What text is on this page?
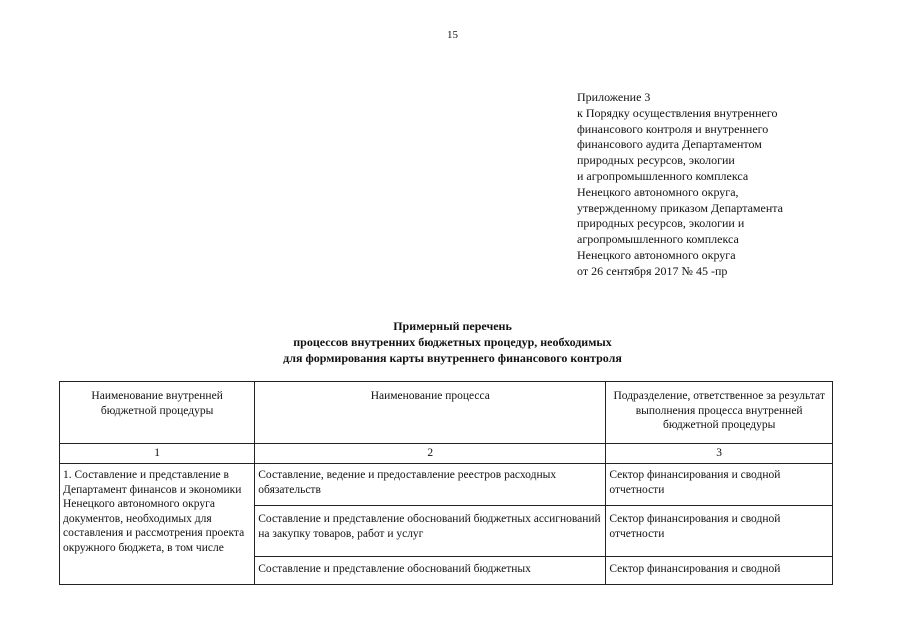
15
Приложение 3
к Порядку осуществления внутреннего
финансового контроля и внутреннего
финансового аудита Департаментом
природных ресурсов, экологии
и агропромышленного комплекса
Ненецкого автономного округа,
утвержденному приказом Департамента
природных ресурсов, экологии и
агропромышленного комплекса
Ненецкого автономного округа
от 26 сентября 2017 № 45 -пр
Примерный перечень
процессов внутренних бюджетных процедур, необходимых
для формирования карты внутреннего финансового контроля
Наименование внутренней бюджетной процедуры	Наименование процесса	Подразделение, ответственное за результат выполнения процесса внутренней бюджетной процедуры
1	2	3
1. Составление и представление в Департамент финансов и экономики Ненецкого автономного округа документов, необходимых для составления и рассмотрения проекта окружного бюджета, в том числе	Составление, ведение и предоставление реестров расходных обязательств	Сектор финансирования и сводной отчетности
	Составление и представление обоснований бюджетных ассигнований на закупку товаров, работ и услуг	Сектор финансирования и сводной отчетности
	Составление и представление обоснований бюджетных	Сектор финансирования и сводной
